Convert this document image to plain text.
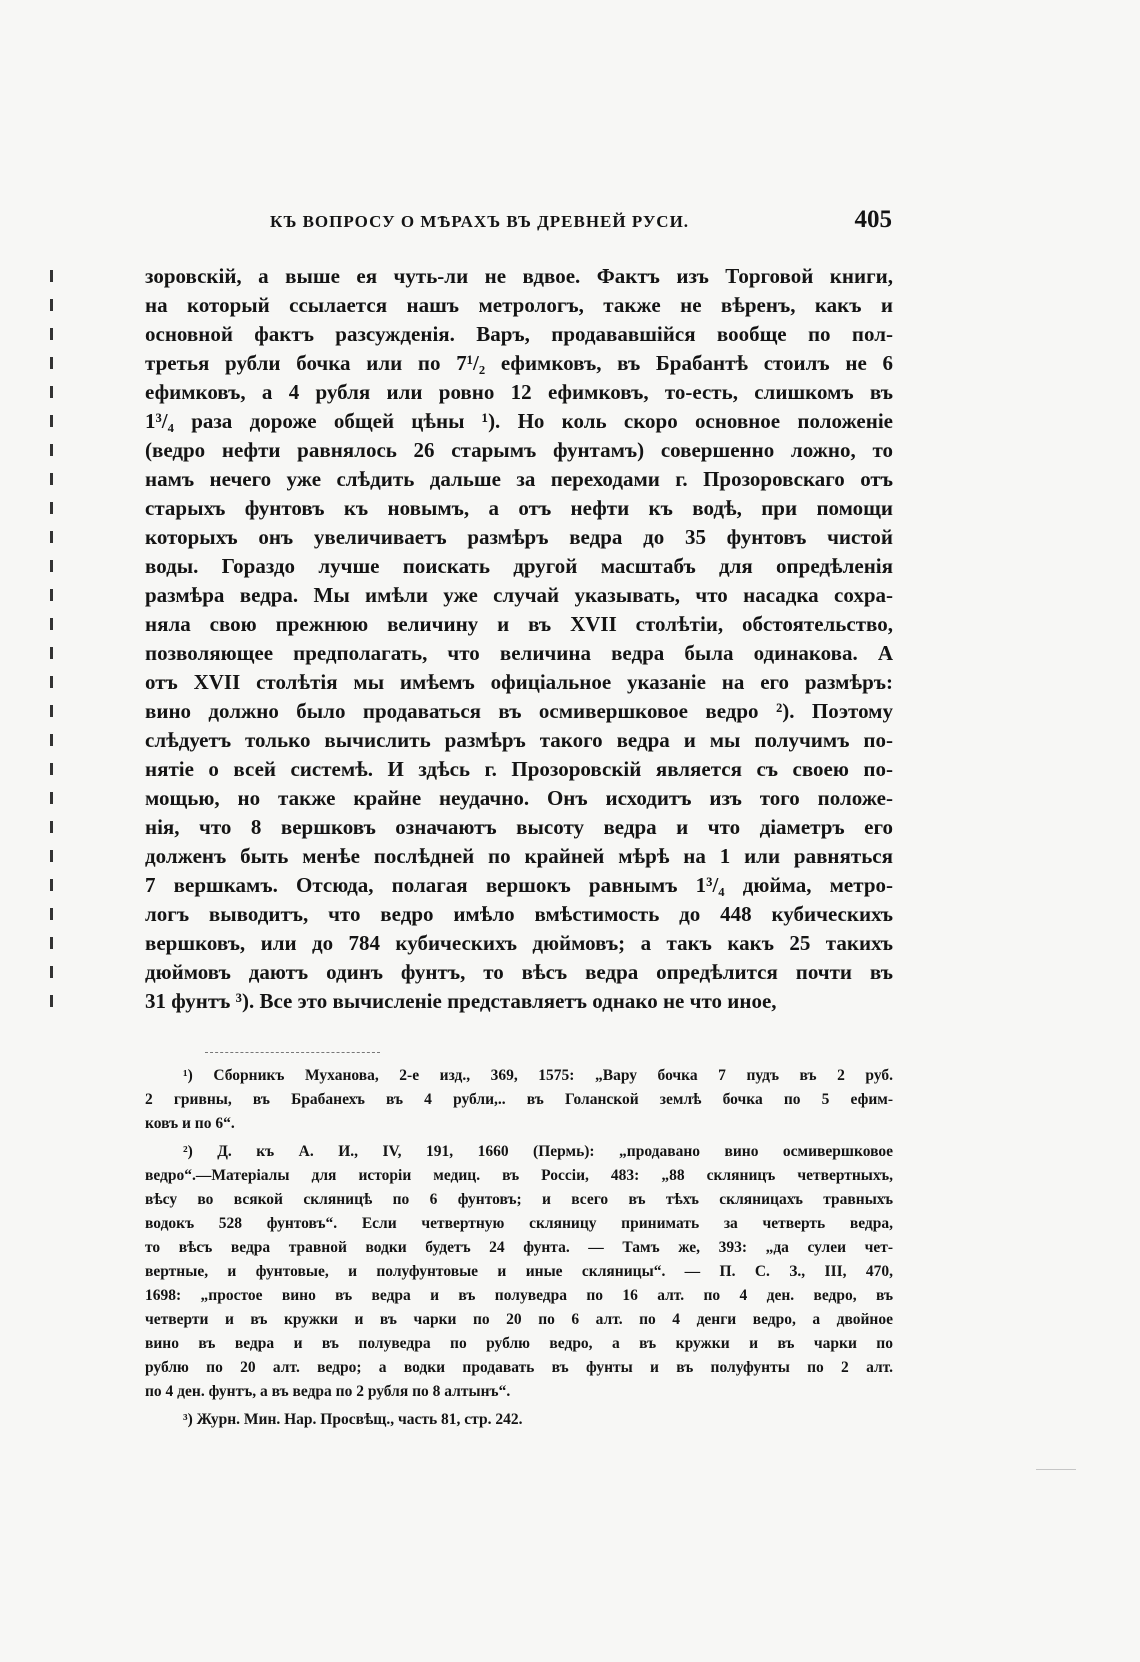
КЪ ВОПРОСУ О МѢРАХЪ ВЪ ДРЕВНЕЙ РУСИ.	405
зоровскій, а выше ея чуть-ли не вдвое. Фактъ изъ Торговой книги,
на который ссылается нашъ метрологъ, также не вѣренъ, какъ и
основной фактъ разсужденія. Варъ, продававшійся вообще по пол-
третья рубли бочка или по 7¹/₂ ефимковъ, въ Брабантѣ стоилъ не 6
ефимковъ, а 4 рубля или ровно 12 ефимковъ, то-есть, слишкомъ въ
1³/₄ раза дороже общей цѣны ¹). Но коль скоро основное положеніе
(ведро нефти равнялось 26 старымъ фунтамъ) совершенно ложно, то
намъ нечего уже слѣдить дальше за переходами г. Прозоровскаго отъ
старыхъ фунтовъ къ новымъ, а отъ нефти къ водѣ, при помощи
которыхъ онъ увеличиваетъ размѣръ ведра до 35 фунтовъ чистой
воды. Гораздо лучше поискать другой масштабъ для опредѣленія
размѣра ведра. Мы имѣли уже случай указывать, что насадка сохра-
няла свою прежнюю величину и въ XVII столѣтіи, обстоятельство,
позволяющее предполагать, что величина ведра была одинакова. А
отъ XVII столѣтія мы имѣемъ офиціальное указаніе на его размѣръ:
вино должно было продаваться въ осмивершковое ведро ²). Поэтому
слѣдуетъ только вычислить размѣръ такого ведра и мы получимъ по-
нятіе о всей системѣ. И здѣсь г. Прозоровскій является съ своею по-
мощью, но также крайне неудачно. Онъ исходитъ изъ того положе-
нія, что 8 вершковъ означаютъ высоту ведра и что діаметръ его
долженъ быть менѣе послѣдней по крайней мѣрѣ на 1 или равняться
7 вершкамъ. Отсюда, полагая вершокъ равнымъ 1³/₄ дюйма, метро-
логъ выводитъ, что ведро имѣло вмѣстимость до 448 кубическихъ
вершковъ, или до 784 кубическихъ дюймовъ; а такъ какъ 25 такихъ
дюймовъ даютъ одинъ фунтъ, то вѣсъ ведра опредѣлится почти въ
31 фунтъ ³). Все это вычисленіе представляетъ однако не что иное,
¹) Сборникъ Муханова, 2-е изд., 369, 1575: „Вару бочка 7 пудъ въ 2 руб.
2 гривны, въ Брабанехъ въ 4 рубли,.. въ Голанской землѣ бочка по 5 ефим-
ковъ и по 6“.
²) Д. къ А. И., IV, 191, 1660 (Пермь): „продавано вино осмивершковое
ведро“.—Матеріалы для исторіи медиц. въ Россіи, 483: „88 скляницъ четвертныхъ,
вѣсу во всякой скляницѣ по 6 фунтовъ; и всего въ тѣхъ скляницахъ травныхъ
водокъ 528 фунтовъ“. Если четвертную скляницу принимать за четверть ведра,
то вѣсъ ведра травной водки будетъ 24 фунта. — Тамъ же, 393: „да сулеи чет-
вертные, и фунтовые, и полуфунтовые и иные скляницы“. — П. С. З., III, 470,
1698: „простое вино въ ведра и въ полуведра по 16 алт. по 4 ден. ведро, въ
четверти и въ кружки и въ чарки по 20 по 6 алт. по 4 денги ведро, а двойное
вино въ ведра и въ полуведра по рублю ведро, а въ кружки и въ чарки по
рублю по 20 алт. ведро; а водки продавать въ фунты и въ полуфунты по 2 алт.
по 4 ден. фунтъ, а въ ведра по 2 рубля по 8 алтынъ“.
³) Журн. Мин. Нар. Просвѣщ., часть 81, стр. 242.
